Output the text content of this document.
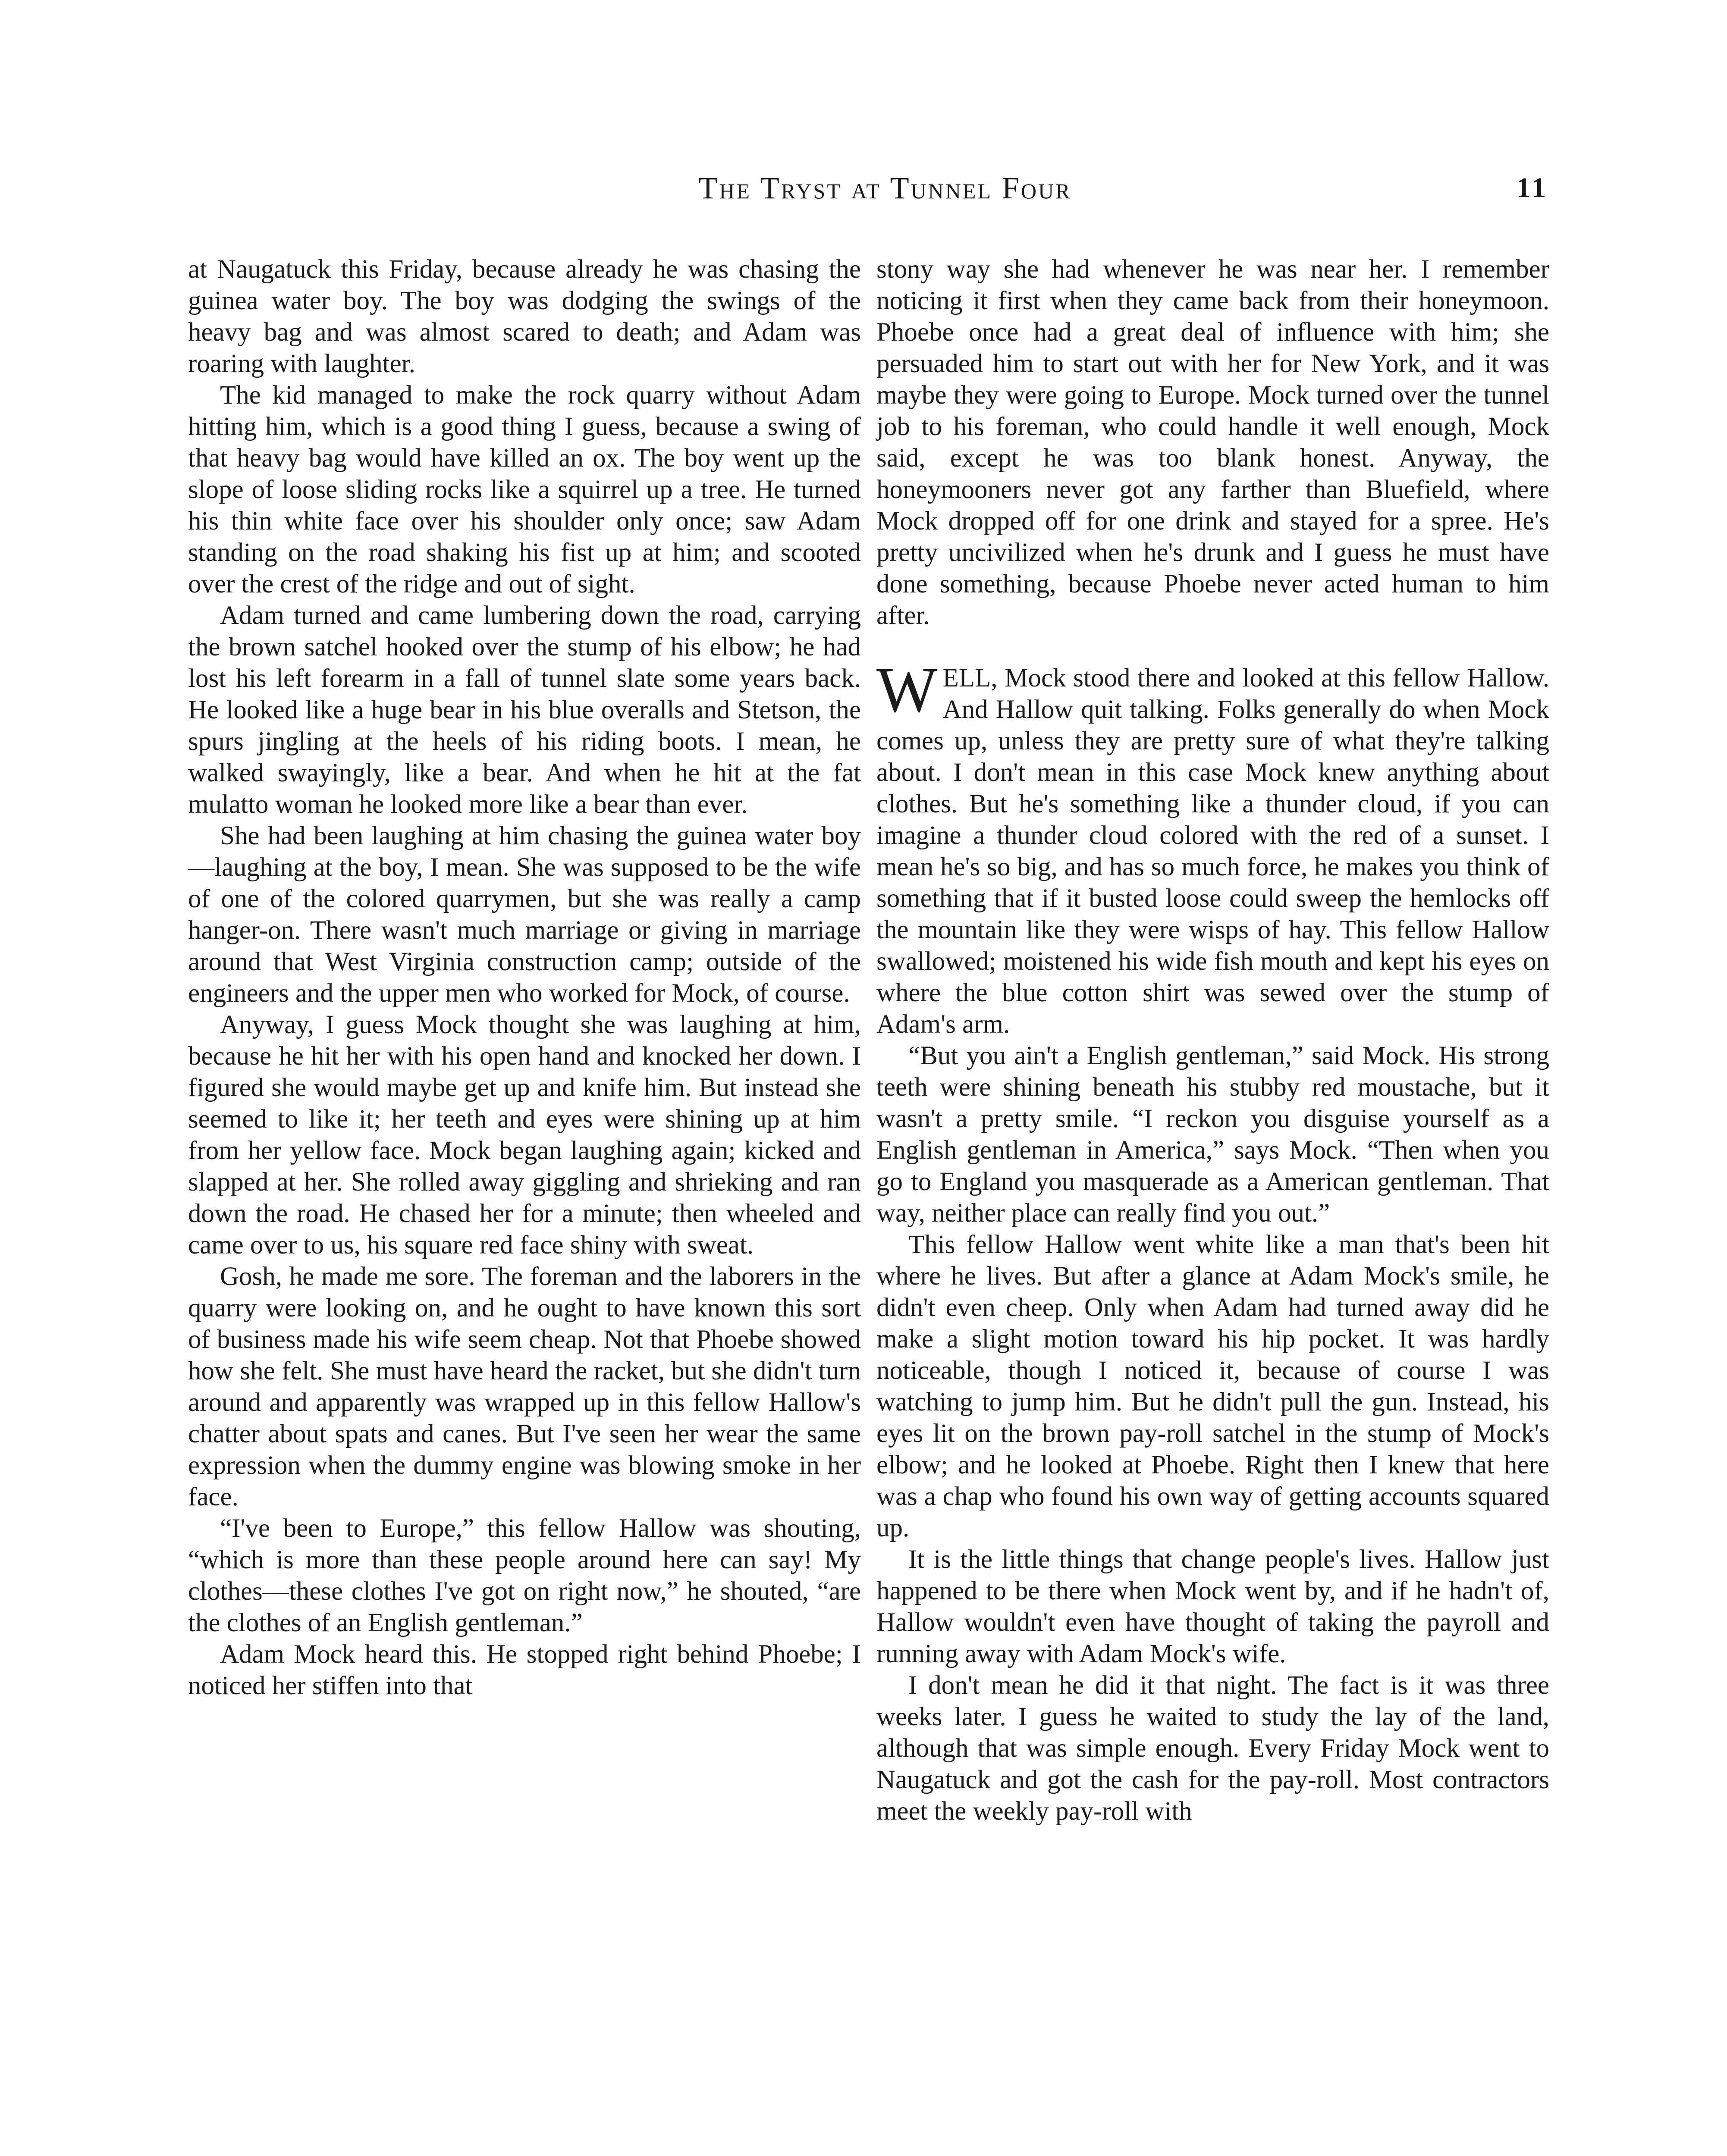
The Tryst at Tunnel Four	11

at Naugatuck this Friday, because already he was chasing the guinea water boy. The boy was dodging the swings of the heavy bag and was almost scared to death; and Adam was roaring with laughter.

The kid managed to make the rock quarry without Adam hitting him, which is a good thing I guess, because a swing of that heavy bag would have killed an ox. The boy went up the slope of loose sliding rocks like a squirrel up a tree. He turned his thin white face over his shoulder only once; saw Adam standing on the road shaking his fist up at him; and scooted over the crest of the ridge and out of sight.

Adam turned and came lumbering down the road, carrying the brown satchel hooked over the stump of his elbow; he had lost his left forearm in a fall of tunnel slate some years back. He looked like a huge bear in his blue overalls and Stetson, the spurs jingling at the heels of his riding boots. I mean, he walked swayingly, like a bear. And when he hit at the fat mulatto woman he looked more like a bear than ever.

She had been laughing at him chasing the guinea water boy—laughing at the boy, I mean. She was supposed to be the wife of one of the colored quarrymen, but she was really a camp hanger-on. There wasn't much marriage or giving in marriage around that West Virginia construction camp; outside of the engineers and the upper men who worked for Mock, of course.

Anyway, I guess Mock thought she was laughing at him, because he hit her with his open hand and knocked her down. I figured she would maybe get up and knife him. But instead she seemed to like it; her teeth and eyes were shining up at him from her yellow face. Mock began laughing again; kicked and slapped at her. She rolled away giggling and shrieking and ran down the road. He chased her for a minute; then wheeled and came over to us, his square red face shiny with sweat.

Gosh, he made me sore. The foreman and the laborers in the quarry were looking on, and he ought to have known this sort of business made his wife seem cheap. Not that Phoebe showed how she felt. She must have heard the racket, but she didn't turn around and apparently was wrapped up in this fellow Hallow's chatter about spats and canes. But I've seen her wear the same expression when the dummy engine was blowing smoke in her face.

“I've been to Europe,” this fellow Hallow was shouting, “which is more than these people around here can say! My clothes—these clothes I've got on right now,” he shouted, “are the clothes of an English gentleman.”

Adam Mock heard this. He stopped right behind Phoebe; I noticed her stiffen into that

stony way she had whenever he was near her. I remember noticing it first when they came back from their honeymoon. Phoebe once had a great deal of influence with him; she persuaded him to start out with her for New York, and it was maybe they were going to Europe. Mock turned over the tunnel job to his foreman, who could handle it well enough, Mock said, except he was too blank honest. Anyway, the honeymooners never got any farther than Bluefield, where Mock dropped off for one drink and stayed for a spree. He's pretty uncivilized when he's drunk and I guess he must have done something, because Phoebe never acted human to him after.

WELL, Mock stood there and looked at this fellow Hallow. And Hallow quit talking. Folks generally do when Mock comes up, unless they are pretty sure of what they're talking about. I don't mean in this case Mock knew anything about clothes. But he's something like a thunder cloud, if you can imagine a thunder cloud colored with the red of a sunset. I mean he's so big, and has so much force, he makes you think of something that if it busted loose could sweep the hemlocks off the mountain like they were wisps of hay. This fellow Hallow swallowed; moistened his wide fish mouth and kept his eyes on where the blue cotton shirt was sewed over the stump of Adam's arm.

“But you ain't a English gentleman,” said Mock. His strong teeth were shining beneath his stubby red moustache, but it wasn't a pretty smile. “I reckon you disguise yourself as a English gentleman in America,” says Mock. “Then when you go to England you masquerade as a American gentleman. That way, neither place can really find you out.”

This fellow Hallow went white like a man that's been hit where he lives. But after a glance at Adam Mock's smile, he didn't even cheep. Only when Adam had turned away did he make a slight motion toward his hip pocket. It was hardly noticeable, though I noticed it, because of course I was watching to jump him. But he didn't pull the gun. Instead, his eyes lit on the brown pay-roll satchel in the stump of Mock's elbow; and he looked at Phoebe. Right then I knew that here was a chap who found his own way of getting accounts squared up.

It is the little things that change people's lives. Hallow just happened to be there when Mock went by, and if he hadn't of, Hallow wouldn't even have thought of taking the payroll and running away with Adam Mock's wife.

I don't mean he did it that night. The fact is it was three weeks later. I guess he waited to study the lay of the land, although that was simple enough. Every Friday Mock went to Naugatuck and got the cash for the pay-roll. Most contractors meet the weekly pay-roll with
